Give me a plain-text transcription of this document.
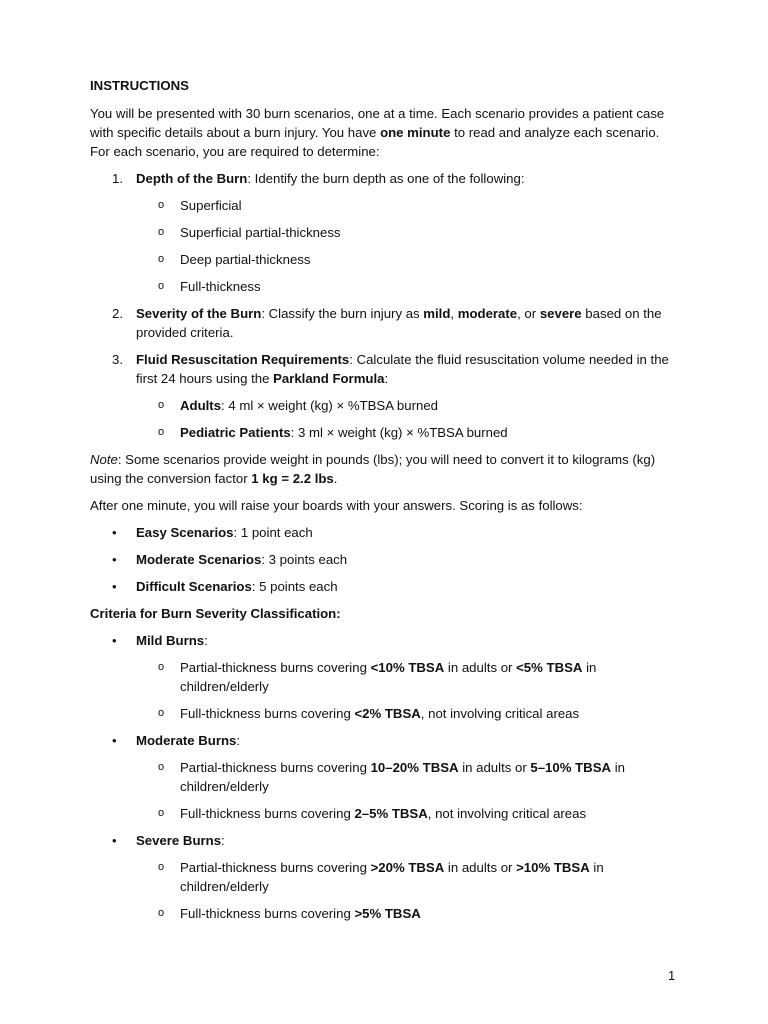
INSTRUCTIONS

You will be presented with 30 burn scenarios, one at a time. Each scenario provides a patient case with specific details about a burn injury. You have one minute to read and analyze each scenario. For each scenario, you are required to determine:

1. Depth of the Burn: Identify the burn depth as one of the following:
o Superficial
o Superficial partial-thickness
o Deep partial-thickness
o Full-thickness
2. Severity of the Burn: Classify the burn injury as mild, moderate, or severe based on the provided criteria.
3. Fluid Resuscitation Requirements: Calculate the fluid resuscitation volume needed in the first 24 hours using the Parkland Formula:
o Adults: 4 ml × weight (kg) × %TBSA burned
o Pediatric Patients: 3 ml × weight (kg) × %TBSA burned

Note: Some scenarios provide weight in pounds (lbs); you will need to convert it to kilograms (kg) using the conversion factor 1 kg = 2.2 lbs.

After one minute, you will raise your boards with your answers. Scoring is as follows:

• Easy Scenarios: 1 point each
• Moderate Scenarios: 3 points each
• Difficult Scenarios: 5 points each
Criteria for Burn Severity Classification:
• Mild Burns:
o Partial-thickness burns covering <10% TBSA in adults or <5% TBSA in children/elderly
o Full-thickness burns covering <2% TBSA, not involving critical areas
• Moderate Burns:
o Partial-thickness burns covering 10–20% TBSA in adults or 5–10% TBSA in children/elderly
o Full-thickness burns covering 2–5% TBSA, not involving critical areas
• Severe Burns:
o Partial-thickness burns covering >20% TBSA in adults or >10% TBSA in children/elderly
o Full-thickness burns covering >5% TBSA
1
